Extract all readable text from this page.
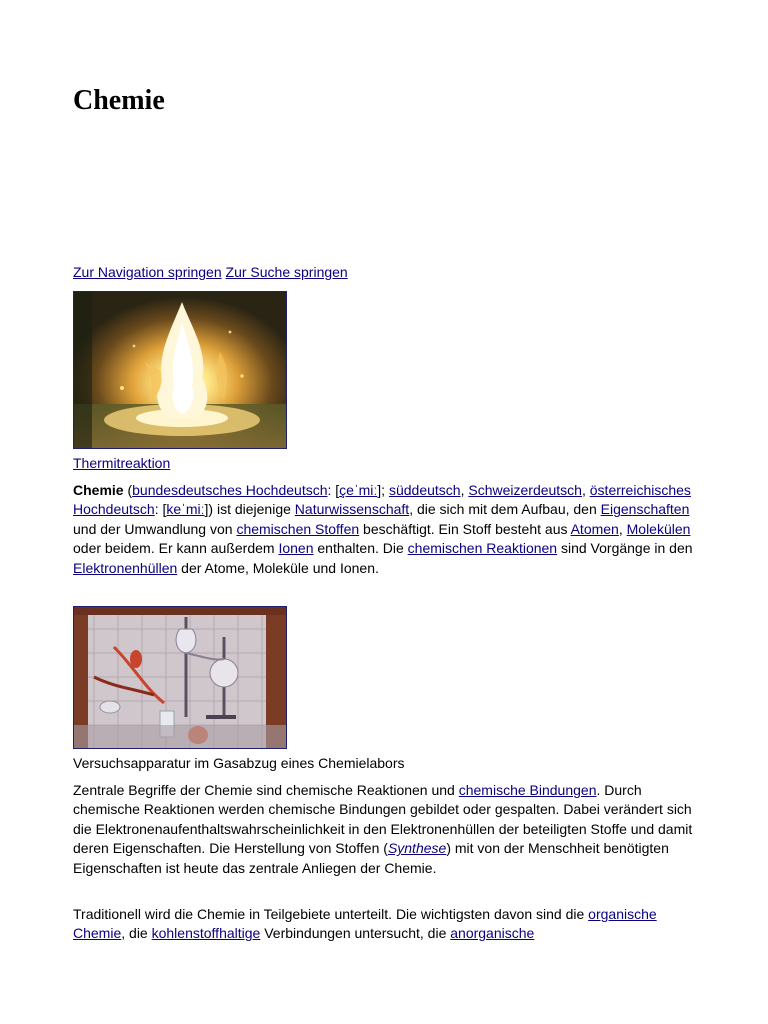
Chemie
Zur Navigation springen Zur Suche springen
Thermitreaktion

Chemie (bundesdeutsches Hochdeutsch: [çeˈmiː]; süddeutsch, Schweizerdeutsch, österreichisches Hochdeutsch: [keˈmiː]) ist diejenige Naturwissenschaft, die sich mit dem Aufbau, den Eigenschaften und der Umwandlung von chemischen Stoffen beschäftigt. Ein Stoff besteht aus Atomen, Molekülen oder beidem. Er kann außerdem Ionen enthalten. Die chemischen Reaktionen sind Vorgänge in den Elektronenhüllen der Atome, Moleküle und Ionen.

Versuchsapparatur im Gasabzug eines Chemielabors

Zentrale Begriffe der Chemie sind chemische Reaktionen und chemische Bindungen. Durch chemische Reaktionen werden chemische Bindungen gebildet oder gespalten. Dabei verändert sich die Elektronenaufenthaltswahrscheinlichkeit in den Elektronenhüllen der beteiligten Stoffe und damit deren Eigenschaften. Die Herstellung von Stoffen (Synthese) mit von der Menschheit benötigten Eigenschaften ist heute das zentrale Anliegen der Chemie.

Traditionell wird die Chemie in Teilgebiete unterteilt. Die wichtigsten davon sind die organische Chemie, die kohlenstoffhaltige Verbindungen untersucht, die anorganische
